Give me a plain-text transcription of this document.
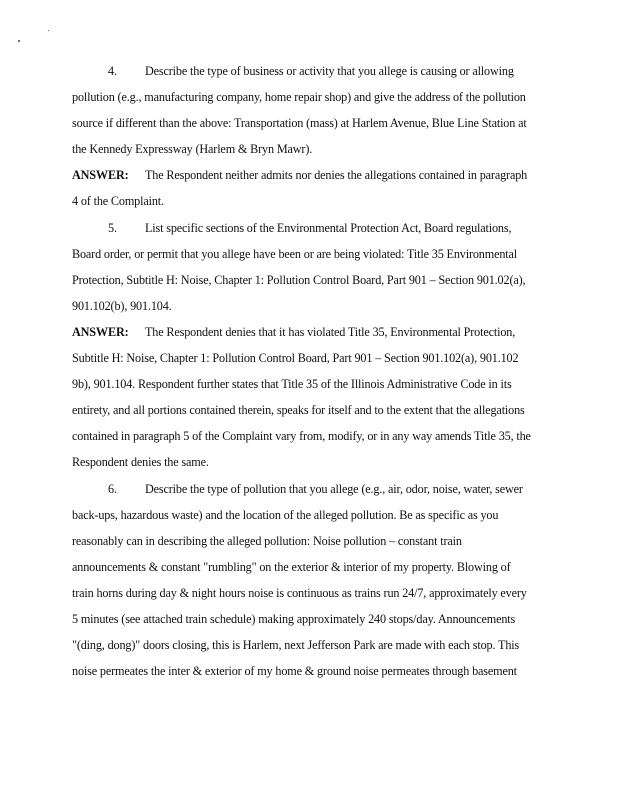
4. Describe the type of business or activity that you allege is causing or allowing
pollution (e.g., manufacturing company, home repair shop) and give the address of the pollution
source if different than the above: Transportation (mass) at Harlem Avenue, Blue Line Station at
the Kennedy Expressway (Harlem & Bryn Mawr).
ANSWER: The Respondent neither admits nor denies the allegations contained in paragraph
4 of the Complaint.
5. List specific sections of the Environmental Protection Act, Board regulations,
Board order, or permit that you allege have been or are being violated: Title 35 Environmental
Protection, Subtitle H: Noise, Chapter 1: Pollution Control Board, Part 901 – Section 901.02(a),
901.102(b), 901.104.
ANSWER: The Respondent denies that it has violated Title 35, Environmental Protection,
Subtitle H: Noise, Chapter 1: Pollution Control Board, Part 901 – Section 901.102(a), 901.102
9b), 901.104. Respondent further states that Title 35 of the Illinois Administrative Code in its
entirety, and all portions contained therein, speaks for itself and to the extent that the allegations
contained in paragraph 5 of the Complaint vary from, modify, or in any way amends Title 35, the
Respondent denies the same.
6. Describe the type of pollution that you allege (e.g., air, odor, noise, water, sewer
back-ups, hazardous waste) and the location of the alleged pollution. Be as specific as you
reasonably can in describing the alleged pollution: Noise pollution – constant train
announcements & constant "rumbling" on the exterior & interior of my property. Blowing of
train horns during day & night hours noise is continuous as trains run 24/7, approximately every
5 minutes (see attached train schedule) making approximately 240 stops/day. Announcements
"(ding, dong)" doors closing, this is Harlem, next Jefferson Park are made with each stop. This
noise permeates the inter & exterior of my home & ground noise permeates through basement
